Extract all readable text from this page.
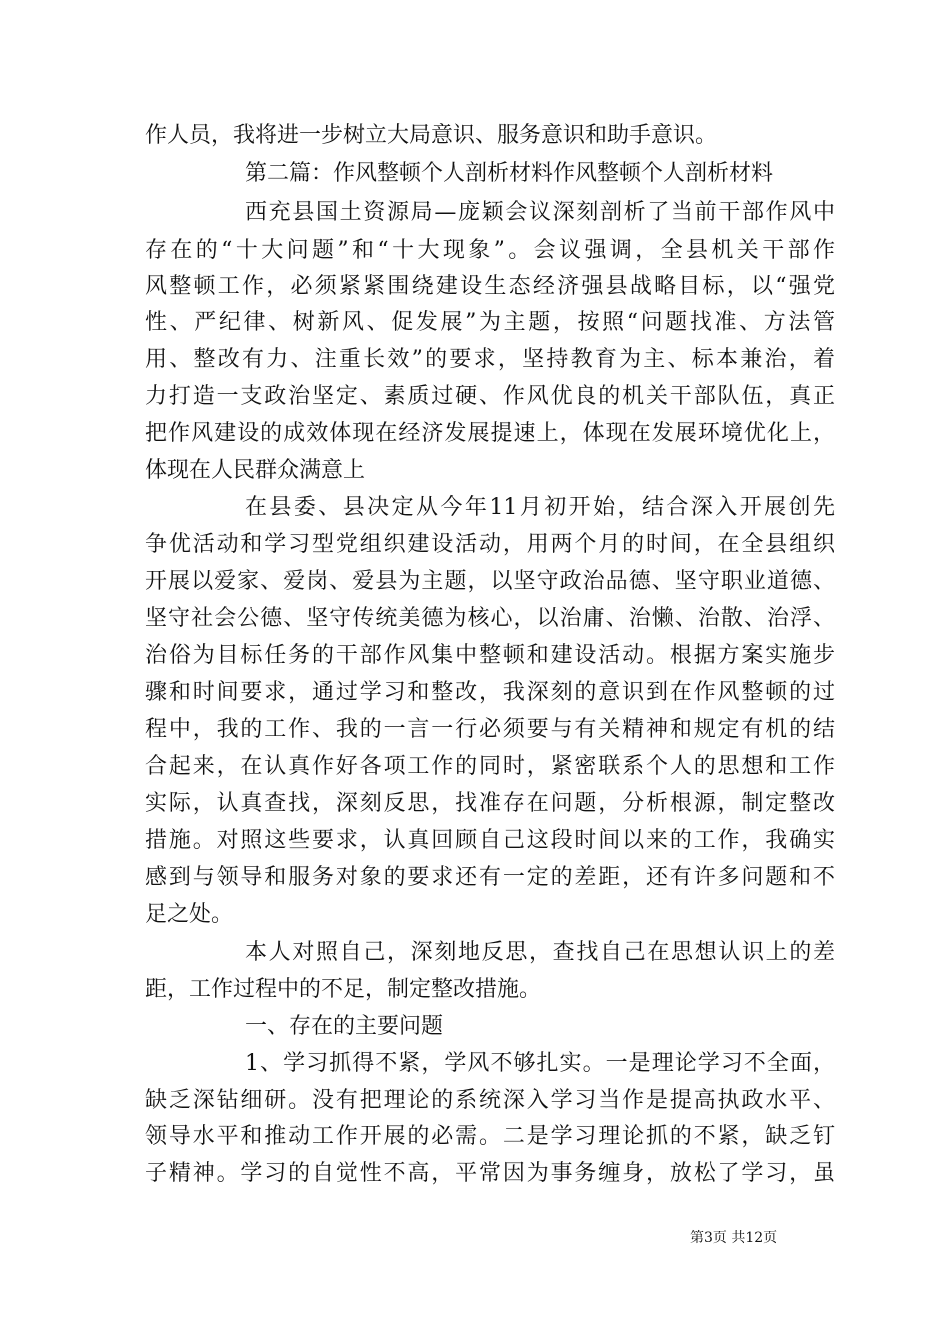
作人员，我将进一步树立大局意识、服务意识和助手意识。
第二篇：作风整顿个人剖析材料作风整顿个人剖析材料
西充县国土资源局—庞颖会议深刻剖析了当前干部作风中
存在的“十大问题”和“十大现象”。会议强调，全县机关干部作
风整顿工作，必须紧紧围绕建设生态经济强县战略目标，以“强党
性、严纪律、树新风、促发展”为主题，按照“问题找准、方法管
用、整改有力、注重长效”的要求，坚持教育为主、标本兼治，着
力打造一支政治坚定、素质过硬、作风优良的机关干部队伍，真正
把作风建设的成效体现在经济发展提速上，体现在发展环境优化上，
体现在人民群众满意上
在县委、县决定从今年11月初开始，结合深入开展创先
争优活动和学习型党组织建设活动，用两个月的时间，在全县组织
开展以爱家、爱岗、爱县为主题，以坚守政治品德、坚守职业道德、
坚守社会公德、坚守传统美德为核心，以治庸、治懒、治散、治浮、
治俗为目标任务的干部作风集中整顿和建设活动。根据方案实施步
骤和时间要求，通过学习和整改，我深刻的意识到在作风整顿的过
程中，我的工作、我的一言一行必须要与有关精神和规定有机的结
合起来，在认真作好各项工作的同时，紧密联系个人的思想和工作
实际，认真查找，深刻反思，找准存在问题，分析根源，制定整改
措施。对照这些要求，认真回顾自己这段时间以来的工作，我确实
感到与领导和服务对象的要求还有一定的差距，还有许多问题和不
足之处。
本人对照自己，深刻地反思，查找自己在思想认识上的差
距，工作过程中的不足，制定整改措施。
一、存在的主要问题
1、学习抓得不紧，学风不够扎实。一是理论学习不全面，
缺乏深钻细研。没有把理论的系统深入学习当作是提高执政水平、
领导水平和推动工作开展的必需。二是学习理论抓的不紧，缺乏钉
子精神。学习的自觉性不高，平常因为事务缠身，放松了学习，虽
第3页 共12页
